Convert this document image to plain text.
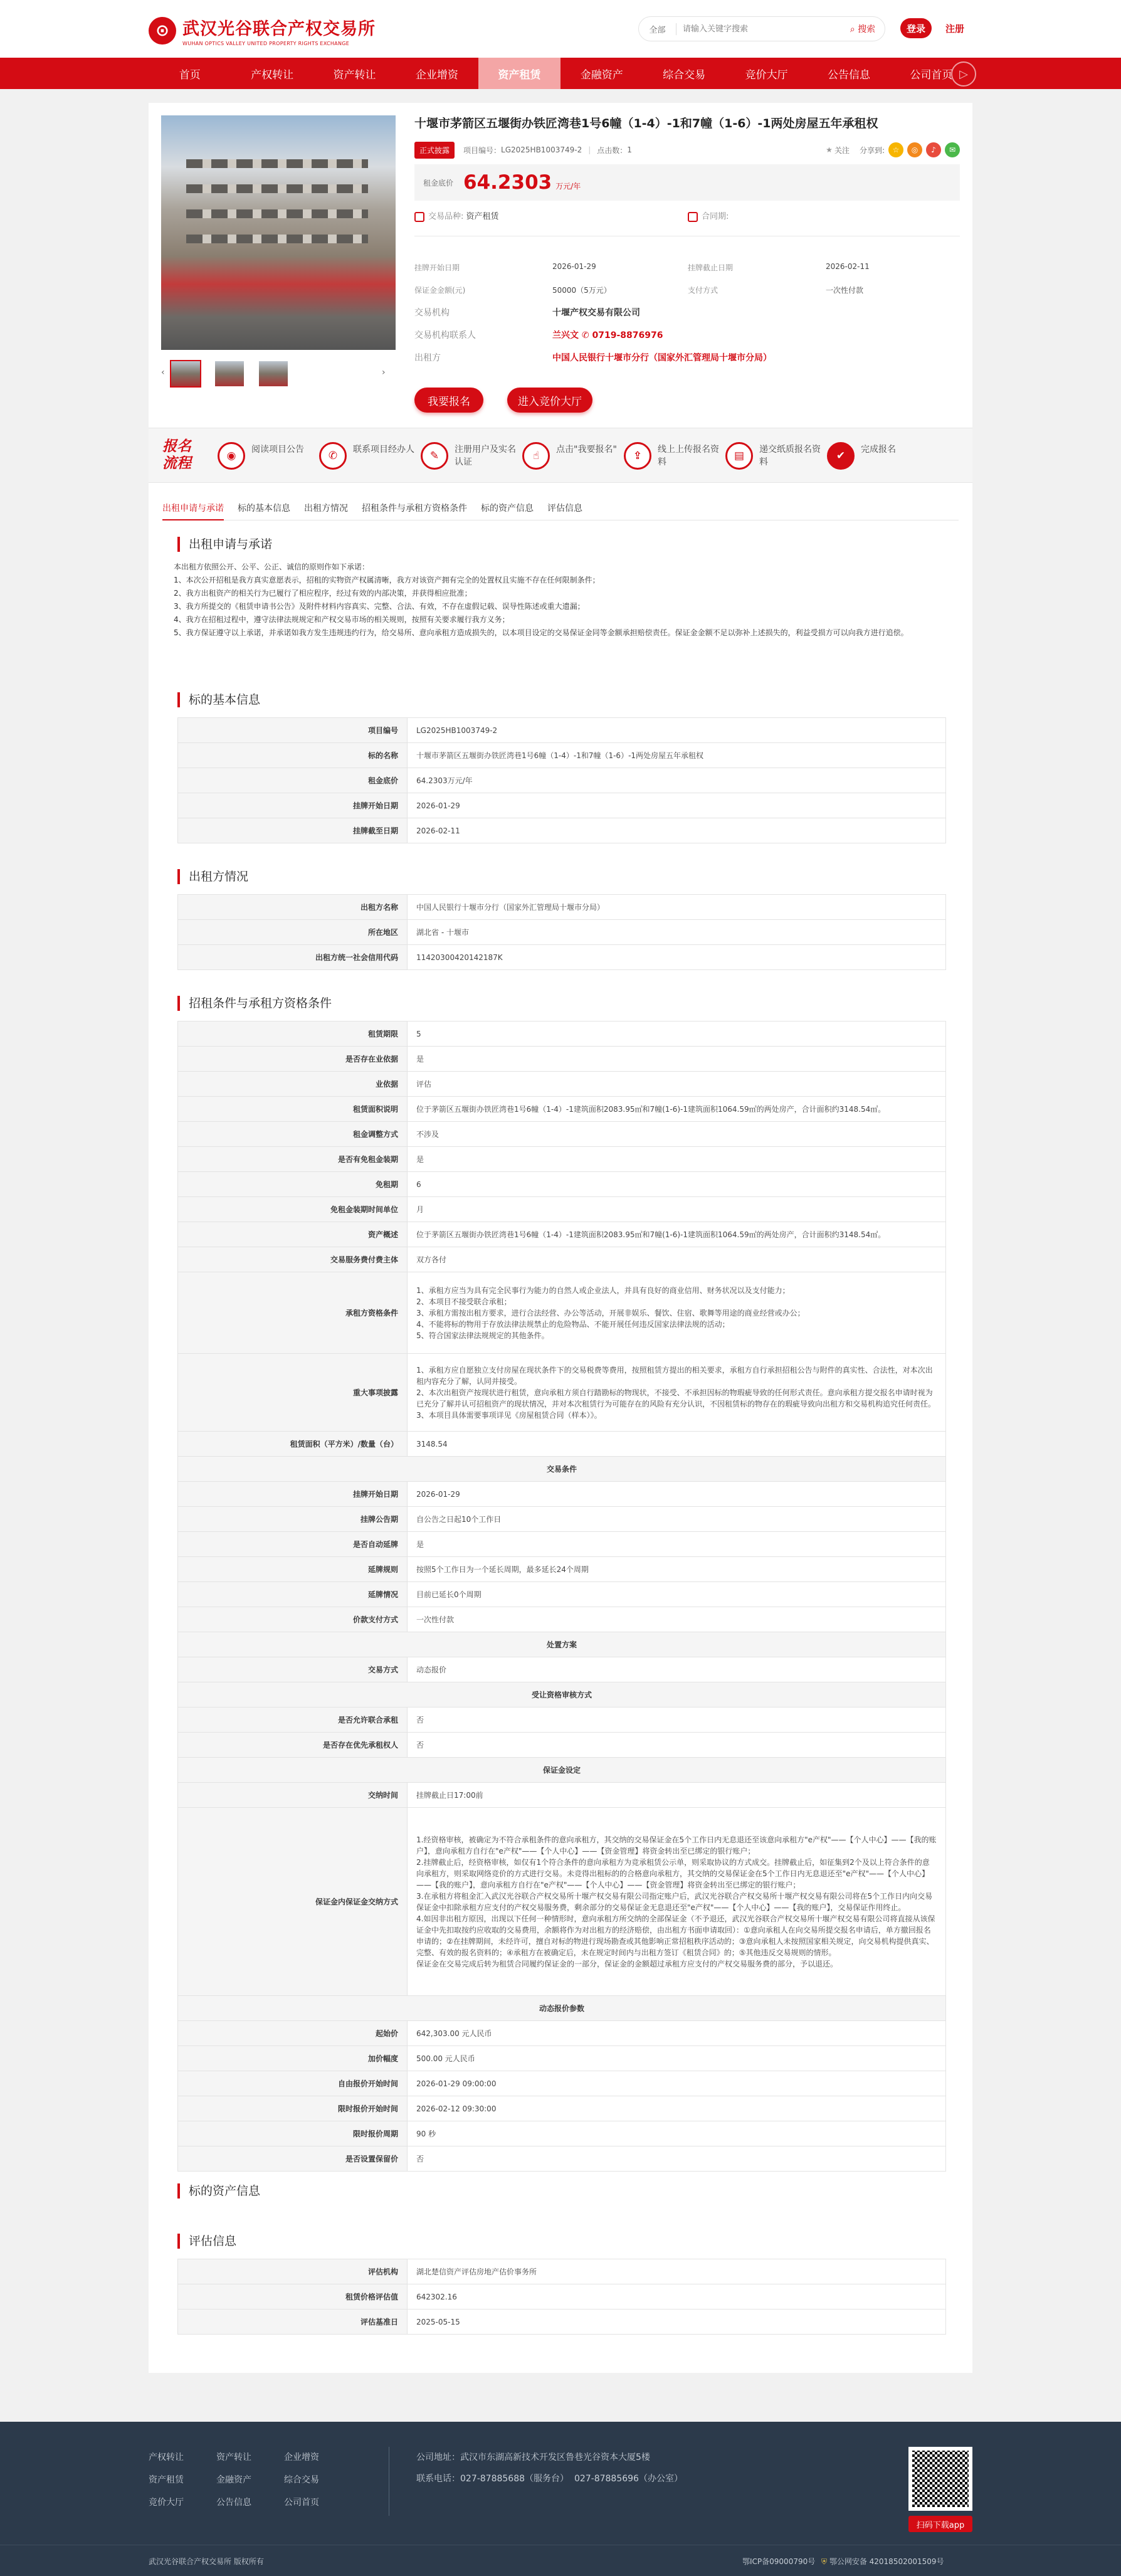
⊙ 武汉光谷联合产权交易所
WUHAN OPTICS VALLEY UNITED PROPERTY RIGHTS EXCHANGE
全部
请输入关键字搜索	⌕ 搜索	登录	注册
首页	产权转让	资产转让	企业增资	资产租赁	金融资产	综合交易	竞价大厅	公告信息	公司首页 ▷
‹	›
十堰市茅箭区五堰街办铁匠湾巷1号6幢（1-4）-1和7幢（1-6）-1两处房屋五年承租权
正式披露	项目编号： LG2025HB1003749-2 | 点击数： 1	★ 关注 分享到:	☆	◎	♪	✉
租金底价 64.2303 万元/年
交易品种: 资产租赁	合同期:
挂牌开始日期	2026-01-29	挂牌截止日期	2026-02-11
保证金金额(元)	50000（5万元）	支付方式	一次性付款
交易机构	十堰产权交易有限公司
交易机构联系人	兰兴文 ✆ 0719-8876976
出租方	中国人民银行十堰市分行（国家外汇管理局十堰市分局）
我要报名	进入竞价大厅
报名流程	◉	阅读项目公告	✆	联系项目经办人	✎	注册用户及实名认证	☝	点击"我要报名"	⇪	线上上传报名资料	▤	递交纸质报名资料	✔	完成报名
出租申请与承诺 标的基本信息 出租方情况 招租条件与承租方资格条件 标的资产信息 评估信息
出租申请与承诺
本出租方依照公开、公平、公正、诚信的原则作如下承诺：
1、本次公开招租是我方真实意愿表示，招租的实物资产权属清晰，我方对该资产拥有完全的处置权且实施不存在任何限制条件；
2、我方出租资产的相关行为已履行了相应程序，经过有效的内部决策，并获得相应批准；
3、我方所提交的《租赁申请书公告》及附件材料内容真实、完整、合法、有效，不存在虚假记载、误导性陈述或重大遗漏；
4、我方在招租过程中，遵守法律法规规定和产权交易市场的相关规则，按照有关要求履行我方义务；
5、我方保证遵守以上承诺，并承诺如我方发生违规违约行为，给交易所、意向承租方造成损失的，以本项目设定的交易保证金同等金额承担赔偿责任。保证金金额不足以弥补上述损失的，利益受损方可以向我方进行追偿。
标的基本信息
项目编号	LG2025HB1003749-2
标的名称	十堰市茅箭区五堰街办铁匠湾巷1号6幢（1-4）-1和7幢（1-6）-1两处房屋五年承租权
租金底价	64.2303万元/年
挂牌开始日期	2026-01-29
挂牌截至日期	2026-02-11
出租方情况
出租方名称	中国人民银行十堰市分行（国家外汇管理局十堰市分局）
所在地区	湖北省 - 十堰市
出租方统一社会信用代码	11420300420142187K
招租条件与承租方资格条件
租赁期限	5
是否存在业依据	是
业依据	评估
租赁面积说明	位于茅箭区五堰街办铁匠湾巷1号6幢（1-4）-1建筑面积2083.95㎡和7幢(1-6)-1建筑面积1064.59㎡的两处房产，合计面积约3148.54㎡。
租金调整方式	不涉及
是否有免租金装期	是
免租期	6
免租金装期时间单位	月
资产概述	位于茅箭区五堰街办铁匠湾巷1号6幢（1-4）-1建筑面积2083.95㎡和7幢(1-6)-1建筑面积1064.59㎡的两处房产，合计面积约3148.54㎡。
交易服务费付费主体	双方各付
承租方资格条件	1、承租方应当为具有完全民事行为能力的自然人或企业法人，并具有良好的商业信用、财务状况以及支付能力；
2、本项目不接受联合承租；
3、承租方需按出租方要求，进行合法经营、办公等活动，开展非娱乐、餐饮、住宿、歌舞等用途的商业经营或办公；
4、不能将标的物用于存放法律法规禁止的危险物品、不能开展任何违反国家法律法规的活动；
5、符合国家法律法规规定的其他条件。

重大事项披露	1、承租方应自愿独立支付房屋在现状条件下的交易税费等费用，按照租赁方提出的相关要求，承租方自行承担招租公告与附件的真实性、合法性，对本次出租内容充分了解，认同并接受。
2、本次出租资产按现状进行租赁，意向承租方须自行踏勘标的物现状，不接受、不承担因标的物瑕疵导致的任何形式责任。意向承租方提交报名申请时视为已充分了解并认可招租资产的现状情况，并对本次租赁行为可能存在的风险有充分认识，不因租赁标的物存在的瑕疵导致向出租方和交易机构追究任何责任。
3、本项目具体需要事项详见《房屋租赁合同（样本）》。

租赁面积（平方米）/数量（台）	3148.54
交易条件	
挂牌开始日期	2026-01-29
挂牌公告期	自公告之日起10个工作日
是否自动延牌	是
延牌规则	按照5个工作日为一个延长周期，最多延长24个周期
延牌情况	目前已延长0个周期
价款支付方式	一次性付款
处置方案	
交易方式	动态报价
受让资格审核方式	
是否允许联合承租	否
是否存在优先承租权人	否
保证金设定	
交纳时间	挂牌截止日17:00前
保证金内保证金交纳方式	1.经资格审核，被确定为不符合承租条件的意向承租方，其交纳的交易保证金在5个工作日内无息退还至该意向承租方"e产权"——【个人中心】——【我的账户】，意向承租方自行在"e产权"——【个人中心】——【资金管理】将资金转出至已绑定的银行账户；
2.挂牌截止后，经资格审核，如仅有1个符合条件的意向承租方为竞承租赁公示单，则采取协议的方式成交。挂牌截止后，如征集到2个及以上符合条件的意向承租方，则采取网络竞价的方式进行交易。未竞得出租标的的合格意向承租方，其交纳的交易保证金在5个工作日内无息退还至"e产权"——【个人中心】——【我的账户】，意向承租方自行在"e产权"——【个人中心】——【资金管理】将资金转出至已绑定的银行账户；
3.在承租方将租金汇入武汉光谷联合产权交易所十堰产权交易有限公司指定账户后，武汉光谷联合产权交易所十堰产权交易有限公司将在5个工作日内向交易保证金中扣除承租方应支付的产权交易服务费，剩余部分的交易保证金无息退还至"e产权"——【个人中心】——【我的账户】，交易保证作用终止。
4.如因非出租方原因，出现以下任何一种情形时，意向承租方所交纳的全部保证金（不予退还，武汉光谷联合产权交易所十堰产权交易有限公司将直接从该保证金中先扣取按约应收取的交易费用，余额将作为对出租方的经济赔偿，由出租方书面申请取回）：①意向承租人在向交易所提交报名申请后，单方撤回报名申请的；②在挂牌期间，未经许可，擅自对标的物进行现场勘查或其他影响正常招租秩序活动的；③意向承租人未按照国家相关规定，向交易机构提供真实、完整、有效的报名资料的；④承租方在被确定后，未在规定时间内与出租方签订《租赁合同》的；⑤其他违反交易规则的情形。
保证金在交易完成后转为租赁合同履约保证金的一部分，保证金的金额超过承租方应支付的产权交易服务费的部分，予以退还。

动态报价参数	
起始价	642,303.00 元人民币
加价幅度	500.00 元人民币
自由报价开始时间	2026-01-29 09:00:00
限时报价开始时间	2026-02-12 09:30:00
限时报价周期	90 秒
是否设置保留价	否
标的资产信息
评估信息
评估机构	湖北楚信资产评估房地产估价事务所
租赁价格评估值	642302.16
评估基准日	2025-05-15
产权转让	资产转让	企业增资
资产租赁	金融资产	综合交易
竞价大厅	公告信息	公司首页
公司地址：武汉市东湖高新技术开发区鲁巷光谷资本大厦5楼
联系电话：027-87885688（服务台） 027-87885696（办公室）
扫码下载app
武汉光谷联合产权交易所 版权所有	鄂ICP备09000790号 ⛨ 鄂公网安备 42018502001509号
